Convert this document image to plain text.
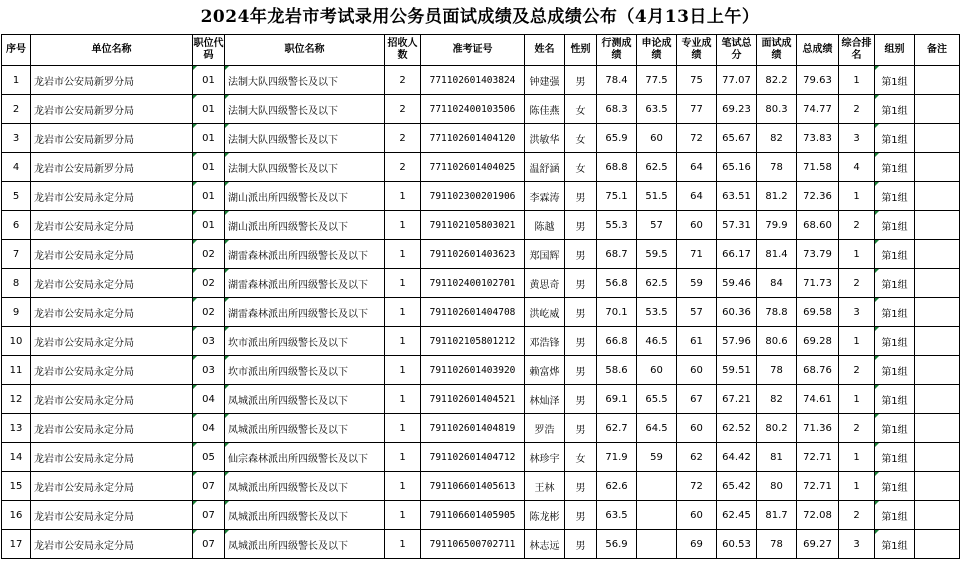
2024年龙岩市考试录用公务员面试成绩及总成绩公布（4月13日上午）
序号	单位名称	职位代码	职位名称	招收人数	准考证号	姓名	性别	行测成绩	申论成绩	专业成绩	笔试总分	面试成绩	总成绩	综合排名	组别	备注
1	龙岩市公安局新罗分局	01	法制大队四级警长及以下	2	771102601403824	钟建强	男	78.4	77.5	75	77.07	82.2	79.63	1	第1组	
2	龙岩市公安局新罗分局	01	法制大队四级警长及以下	2	771102400103506	陈佳燕	女	68.3	63.5	77	69.23	80.3	74.77	2	第1组	
3	龙岩市公安局新罗分局	01	法制大队四级警长及以下	2	771102601404120	洪敏华	女	65.9	60	72	65.67	82	73.83	3	第1组	
4	龙岩市公安局新罗分局	01	法制大队四级警长及以下	2	771102601404025	温舒涵	女	68.8	62.5	64	65.16	78	71.58	4	第1组	
5	龙岩市公安局永定分局	01	湖山派出所四级警长及以下	1	791102300201906	李霖涛	男	75.1	51.5	64	63.51	81.2	72.36	1	第1组	
6	龙岩市公安局永定分局	01	湖山派出所四级警长及以下	1	791102105803021	陈越	男	55.3	57	60	57.31	79.9	68.60	2	第1组	
7	龙岩市公安局永定分局	02	湖雷森林派出所四级警长及以下	1	791102601403623	郑国辉	男	68.7	59.5	71	66.17	81.4	73.79	1	第1组	
8	龙岩市公安局永定分局	02	湖雷森林派出所四级警长及以下	1	791102400102701	黄思奇	男	56.8	62.5	59	59.46	84	71.73	2	第1组	
9	龙岩市公安局永定分局	02	湖雷森林派出所四级警长及以下	1	791102601404708	洪屹威	男	70.1	53.5	57	60.36	78.8	69.58	3	第1组	
10	龙岩市公安局永定分局	03	坎市派出所四级警长及以下	1	791102105801212	邓浩锋	男	66.8	46.5	61	57.96	80.6	69.28	1	第1组	
11	龙岩市公安局永定分局	03	坎市派出所四级警长及以下	1	791102601403920	赖富烨	男	58.6	60	60	59.51	78	68.76	2	第1组	
12	龙岩市公安局永定分局	04	凤城派出所四级警长及以下	1	791102601404521	林灿泽	男	69.1	65.5	67	67.21	82	74.61	1	第1组	
13	龙岩市公安局永定分局	04	凤城派出所四级警长及以下	1	791102601404819	罗浩	男	62.7	64.5	60	62.52	80.2	71.36	2	第1组	
14	龙岩市公安局永定分局	05	仙宗森林派出所四级警长及以下	1	791102601404712	林珍宇	女	71.9	59	62	64.42	81	72.71	1	第1组	
15	龙岩市公安局永定分局	07	凤城派出所四级警长及以下	1	791106601405613	王林	男	62.6		72	65.42	80	72.71	1	第1组	
16	龙岩市公安局永定分局	07	凤城派出所四级警长及以下	1	791106601405905	陈龙彬	男	63.5		60	62.45	81.7	72.08	2	第1组	
17	龙岩市公安局永定分局	07	凤城派出所四级警长及以下	1	791106500702711	林志远	男	56.9		69	60.53	78	69.27	3	第1组	
